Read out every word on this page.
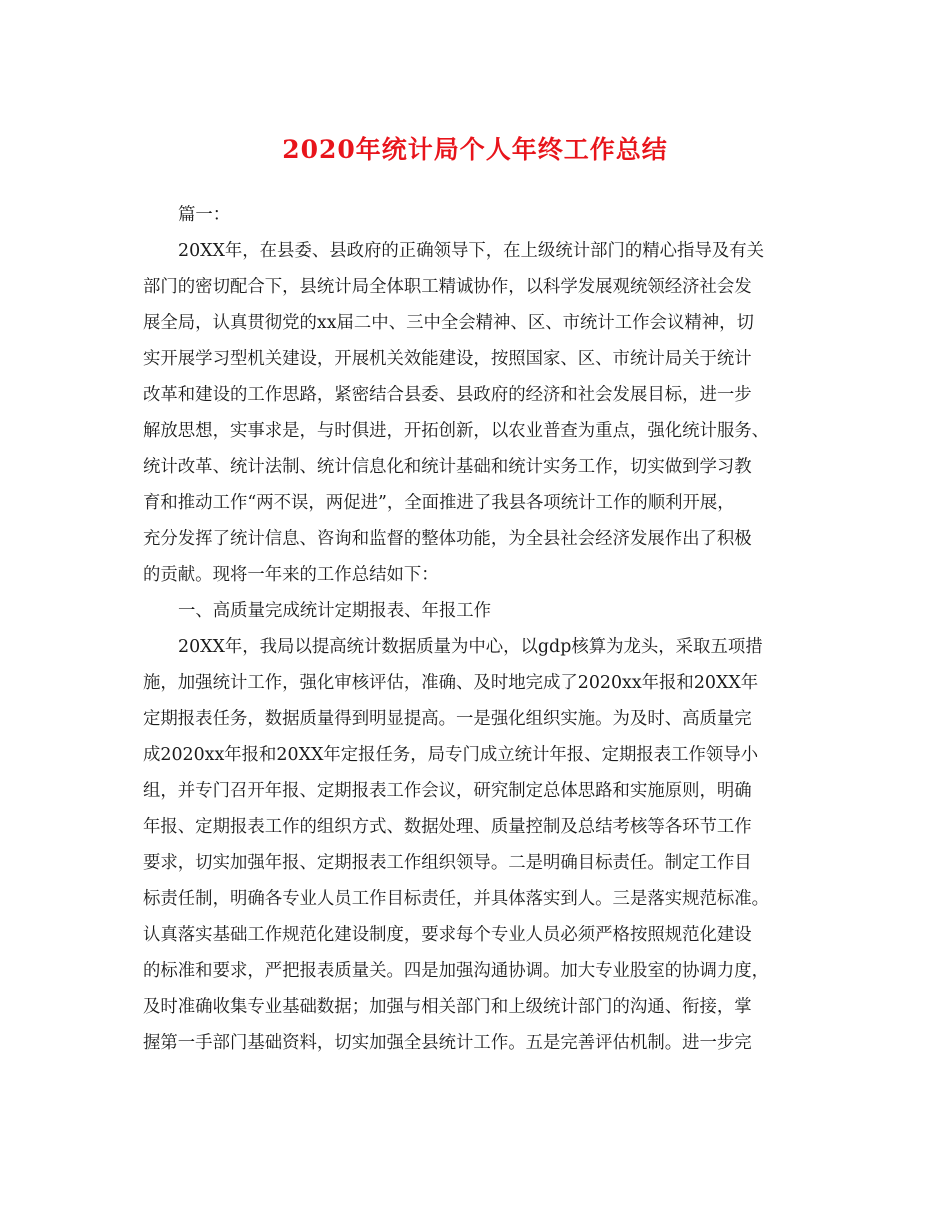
2020年统计局个人年终工作总结
篇一：
20XX年，在县委、县政府的正确领导下，在上级统计部门的精心指导及有关
部门的密切配合下，县统计局全体职工精诚协作，以科学发展观统领经济社会发
展全局，认真贯彻党的xx届二中、三中全会精神、区、市统计工作会议精神，切
实开展学习型机关建设，开展机关效能建设，按照国家、区、市统计局关于统计
改革和建设的工作思路，紧密结合县委、县政府的经济和社会发展目标，进一步
解放思想，实事求是，与时俱进，开拓创新，以农业普查为重点，强化统计服务、
统计改革、统计法制、统计信息化和统计基础和统计实务工作，切实做到学习教
育和推动工作“两不误，两促进”，全面推进了我县各项统计工作的顺利开展，
充分发挥了统计信息、咨询和监督的整体功能，为全县社会经济发展作出了积极
的贡献。现将一年来的工作总结如下：
一、高质量完成统计定期报表、年报工作
20XX年，我局以提高统计数据质量为中心，以gdp核算为龙头，采取五项措
施，加强统计工作，强化审核评估，准确、及时地完成了2020xx年报和20XX年
定期报表任务，数据质量得到明显提高。一是强化组织实施。为及时、高质量完
成2020xx年报和20XX年定报任务，局专门成立统计年报、定期报表工作领导小
组，并专门召开年报、定期报表工作会议，研究制定总体思路和实施原则，明确
年报、定期报表工作的组织方式、数据处理、质量控制及总结考核等各环节工作
要求，切实加强年报、定期报表工作组织领导。二是明确目标责任。制定工作目
标责任制，明确各专业人员工作目标责任，并具体落实到人。三是落实规范标准。
认真落实基础工作规范化建设制度，要求每个专业人员必须严格按照规范化建设
的标准和要求，严把报表质量关。四是加强沟通协调。加大专业股室的协调力度，
及时准确收集专业基础数据；加强与相关部门和上级统计部门的沟通、衔接，掌
握第一手部门基础资料，切实加强全县统计工作。五是完善评估机制。进一步完
